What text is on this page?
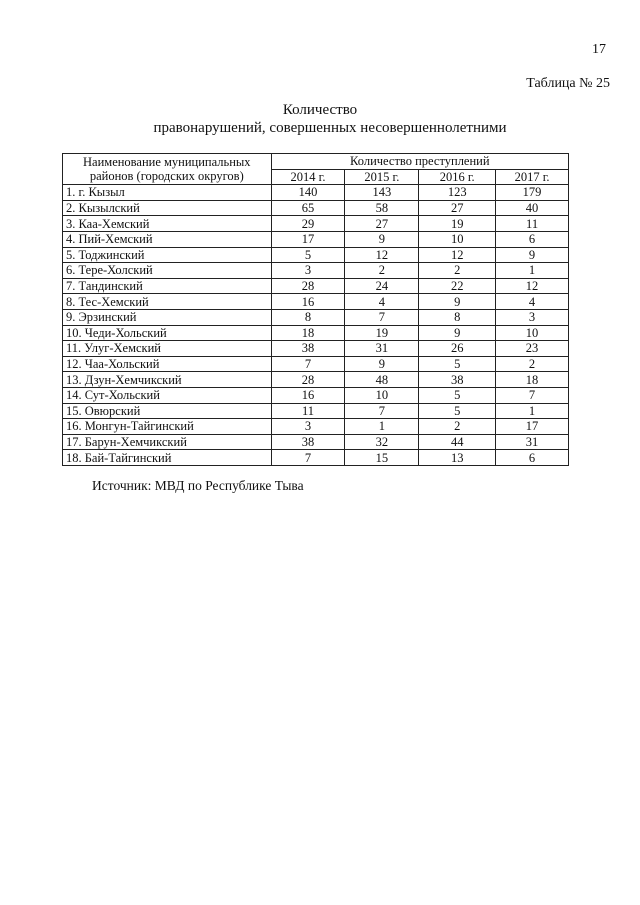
17
Таблица № 25
Количество
правонарушений, совершенных несовершеннолетними
Наименование муниципальных
районов (городских округов)	Количество преступлений			
	2014 г.	2015 г.	2016 г.	2017 г.
1. г. Кызыл	140	143	123	179
2. Кызылский	65	58	27	40
3. Каа-Хемский	29	27	19	11
4. Пий-Хемский	17	9	10	6
5. Тоджинский	5	12	12	9
6. Тере-Холский	3	2	2	1
7. Тандинский	28	24	22	12
8. Тес-Хемский	16	4	9	4
9. Эрзинский	8	7	8	3
10. Чеди-Хольский	18	19	9	10
11. Улуг-Хемский	38	31	26	23
12. Чаа-Хольский	7	9	5	2
13. Дзун-Хемчикский	28	48	38	18
14. Сут-Хольский	16	10	5	7
15. Овюрский	11	7	5	1
16. Монгун-Тайгинский	3	1	2	17
17. Барун-Хемчикский	38	32	44	31
18. Бай-Тайгинский	7	15	13	6
Источник: МВД по Республике Тыва
